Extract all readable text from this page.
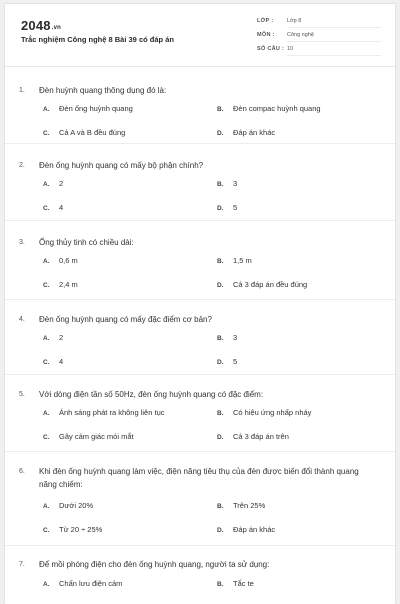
2048.vn
Trắc nghiệm Công nghệ 8 Bài 39 có đáp án
LỚP : Lớp 8
MÔN : Công nghệ
SỐ CÂU : 10
1. Đèn huỳnh quang thông dụng đó là:
A. Đèn ống huỳnh quang	B. Đèn compac huỳnh quang
C. Cả A và B đều đúng	D. Đáp án khác
2. Đèn ống huỳnh quang có mấy bộ phận chính?
A. 2	B. 3
C. 4	D. 5
3. Ống thủy tinh có chiều dài:
A. 0,6 m	B. 1,5 m
C. 2,4 m	D. Cả 3 đáp án đều đúng
4. Đèn ống huỳnh quang có mấy đặc điểm cơ bản?
A. 2	B. 3
C. 4	D. 5
5. Với dòng điện tần số 50Hz, đèn ống huỳnh quang có đặc điểm:
A. Ánh sáng phát ra không liên tục	B. Có hiệu ứng nhấp nháy
C. Gây cảm giác mỏi mắt	D. Cả 3 đáp án trên
6. Khi đèn ống huỳnh quang làm việc, điện năng tiêu thụ của đèn được biến đổi thành quang năng chiếm:
A. Dưới 20%	B. Trên 25%
C. Từ 20 ÷ 25%	D. Đáp án khác
7. Để mồi phóng điện cho đèn ống huỳnh quang, người ta sử dụng:
A. Chấn lưu điện cảm	B. Tắc te
